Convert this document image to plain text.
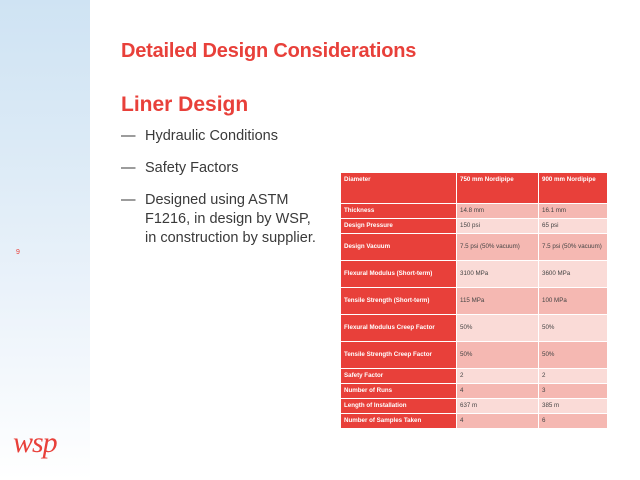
9
wsp
Detailed Design Considerations
Liner Design
— Hydraulic Conditions
— Safety Factors
— Designed using ASTM F1216, in design by WSP, in construction by supplier.
Diameter	750 mm Nordipipe	900 mm Nordipipe
Thickness	14.8 mm	16.1 mm
Design Pressure	150 psi	65 psi
Design Vacuum	7.5 psi (50% vacuum)	7.5 psi (50% vacuum)
Flexural Modulus (Short-term)	3100 MPa	3600 MPa
Tensile Strength (Short-term)	115 MPa	100 MPa
Flexural Modulus Creep Factor	50%	50%
Tensile Strength Creep Factor	50%	50%
Safety Factor	2	2
Number of Runs	4	3
Length of Installation	637 m	385 m
Number of Samples Taken	4	6
